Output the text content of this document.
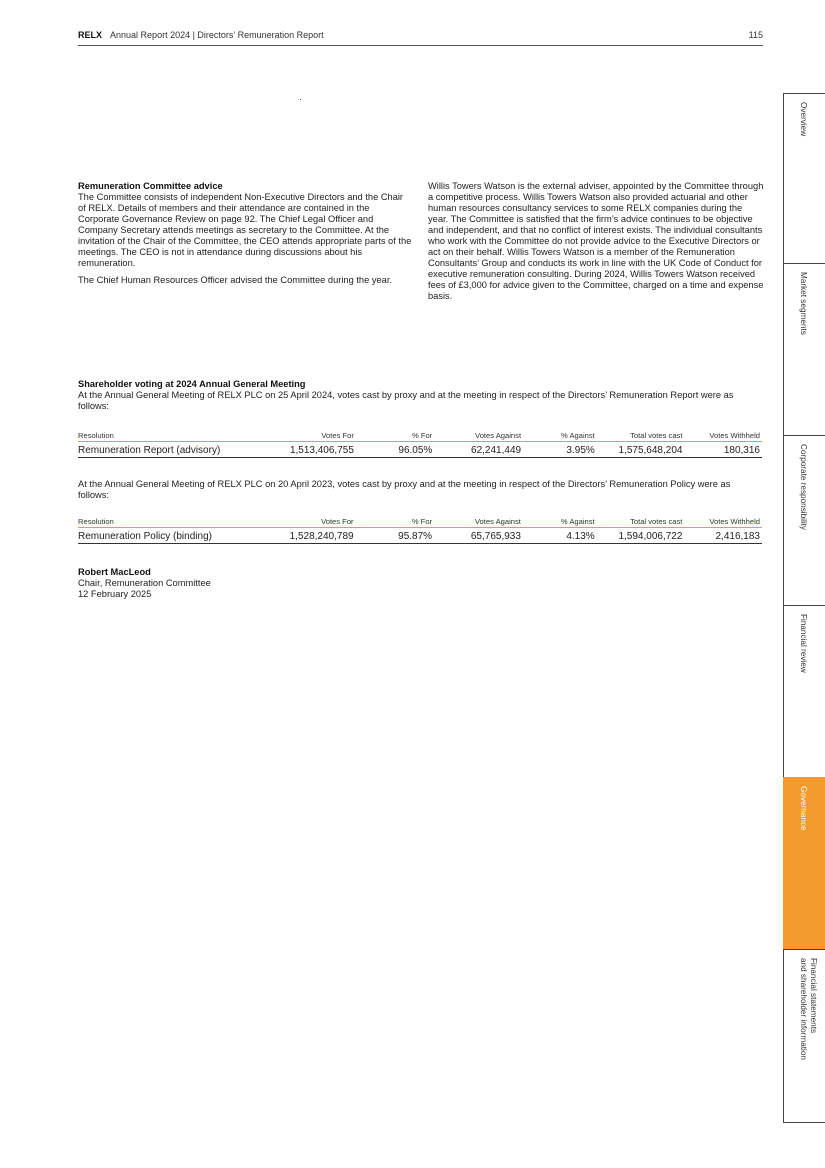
RELX Annual Report 2024 | Directors’ Remuneration Report	115
Remuneration Committee advice

The Committee consists of independent Non-Executive Directors and the Chair of RELX. Details of members and their attendance are contained in the Corporate Governance Review on page 92. The Chief Legal Officer and Company Secretary attends meetings as secretary to the Committee. At the invitation of the Chair of the Committee, the CEO attends appropriate parts of the meetings. The CEO is not in attendance during discussions about his remuneration.

The Chief Human Resources Officer advised the Committee during the year.

Willis Towers Watson is the external adviser, appointed by the Committee through a competitive process. Willis Towers Watson also provided actuarial and other human resources consultancy services to some RELX companies during the year. The Committee is satisfied that the firm’s advice continues to be objective and independent, and that no conflict of interest exists. The individual consultants who work with the Committee do not provide advice to the Executive Directors or act on their behalf. Willis Towers Watson is a member of the Remuneration Consultants’ Group and conducts its work in line with the UK Code of Conduct for executive remuneration consulting. During 2024, Willis Towers Watson received fees of £3,000 for advice given to the Committee, charged on a time and expense basis.

Shareholder voting at 2024 Annual General Meeting

At the Annual General Meeting of RELX PLC on 25 April 2024, votes cast by proxy and at the meeting in respect of the Directors’ Remuneration Report were as follows:

Resolution	Votes For	% For	Votes Against	% Against	Total votes cast	Votes Withheld
Remuneration Report (advisory)	1,513,406,755	96.05%	62,241,449	3.95%	1,575,648,204	180,316

At the Annual General Meeting of RELX PLC on 20 April 2023, votes cast by proxy and at the meeting in respect of the Directors’ Remuneration Policy were as follows:

Resolution	Votes For	% For	Votes Against	% Against	Total votes cast	Votes Withheld
Remuneration Policy (binding)	1,528,240,789	95.87%	65,765,933	4.13%	1,594,006,722	2,416,183
Robert MacLeod
Chair, Remuneration Committee
12 February 2025
Overview
Market segments
Corporate responsibility
Financial review
Governance
Financial statements
and shareholder information
